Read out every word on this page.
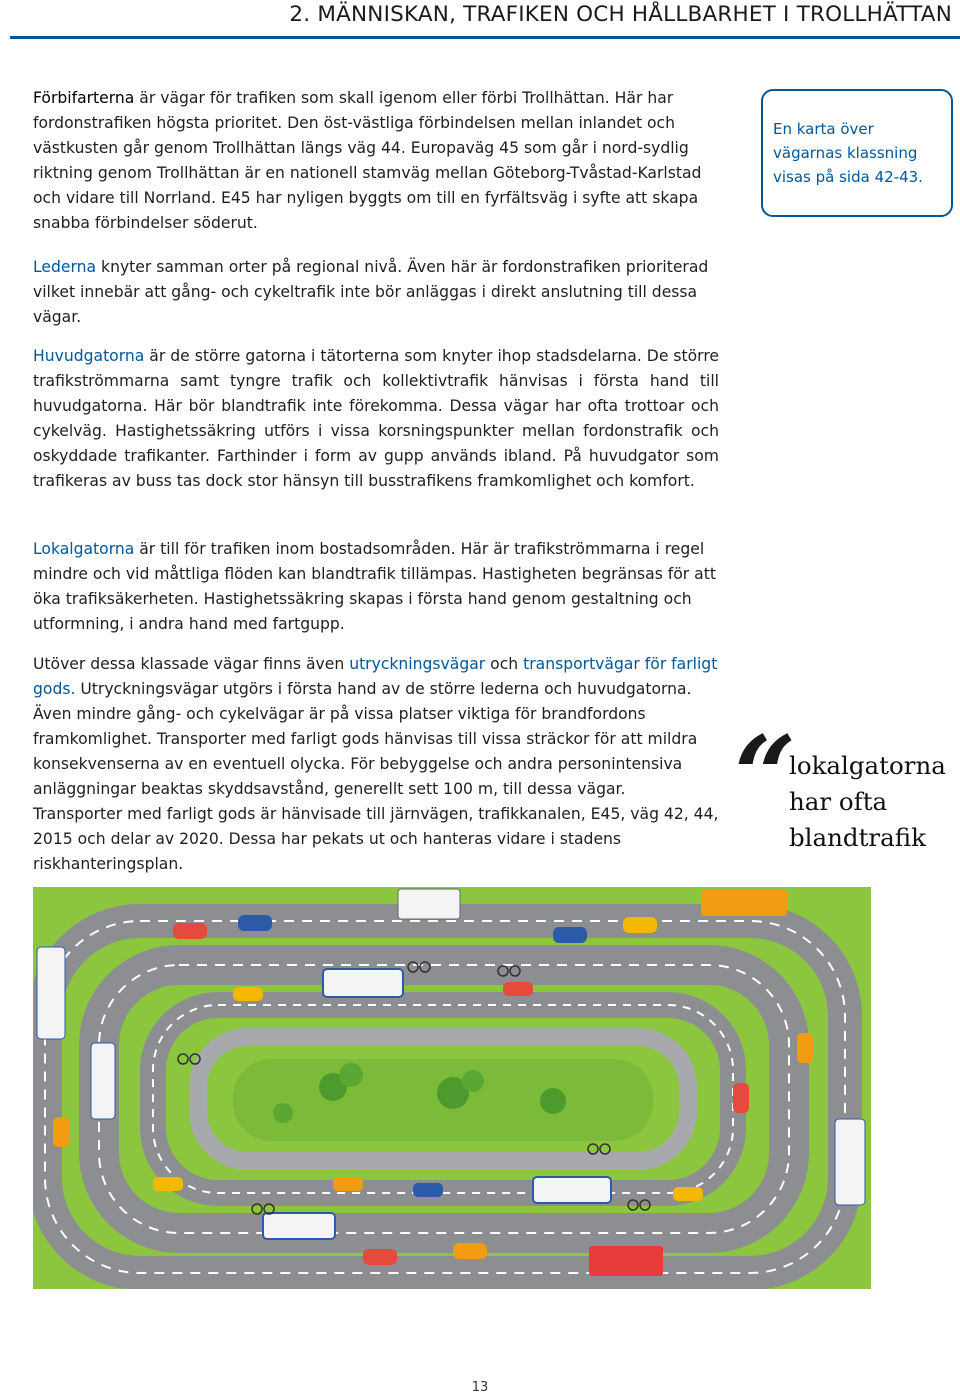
2. MÄNNISKAN, TRAFIKEN OCH HÅLLBARHET I TROLLHÄTTAN

Förbifarterna är vägar för trafiken som skall igenom eller förbi Trollhättan. Här har fordonstrafiken högsta prioritet. Den öst-västliga förbindelsen mellan inlandet och västkusten går genom Trollhättan längs väg 44. Europaväg 45 som går i nord-sydlig riktning genom Trollhättan är en nationell stamväg mellan Göteborg-Tvåstad-Karlstad och vidare till Norrland. E45 har nyligen byggts om till en fyrfältsväg i syfte att skapa snabba förbindelser söderut.

Lederna knyter samman orter på regional nivå. Även här är fordonstrafiken prioriterad vilket innebär att gång- och cykeltrafik inte bör anläggas i direkt anslutning till dessa vägar.

Huvudgatorna är de större gatorna i tätorterna som knyter ihop stadsdelarna. De större trafikströmmarna samt tyngre trafik och kollektivtrafik hänvisas i första hand till huvudgatorna. Här bör blandtrafik inte förekomma. Dessa vägar har ofta trottoar och cykelväg. Hastighetssäkring utförs i vissa korsningspunkter mellan fordonstrafik och oskyddade trafikanter. Farthinder i form av gupp används ibland. På huvudgator som trafikeras av buss tas dock stor hänsyn till busstrafikens framkomlighet och komfort.

Lokalgatorna är till för trafiken inom bostadsområden. Här är trafikströmmarna i regel mindre och vid måttliga flöden kan blandtrafik tillämpas. Hastigheten begränsas för att öka trafiksäkerheten. Hastighetssäkring skapas i första hand genom gestaltning och utformning, i andra hand med fartgupp.

Utöver dessa klassade vägar finns även utryckningsvägar och transportvägar för farligt gods. Utryckningsvägar utgörs i första hand av de större lederna och huvudgatorna. Även mindre gång- och cykelvägar är på vissa platser viktiga för brandfordons framkomlighet. Transporter med farligt gods hänvisas till vissa sträckor för att mildra konsekvenserna av en eventuell olycka. För bebyggelse och andra personintensiva anläggningar beaktas skyddsavstånd, generellt sett 100 m, till dessa vägar. Transporter med farligt gods är hänvisade till järnvägen, trafikkanalen, E45, väg 42, 44, 2015 och delar av 2020. Dessa har pekats ut och hanteras vidare i stadens riskhanteringsplan.

En karta över vägarnas klassning visas på sida 42-43.
“
lokalgatorna har ofta blandtrafik
13
